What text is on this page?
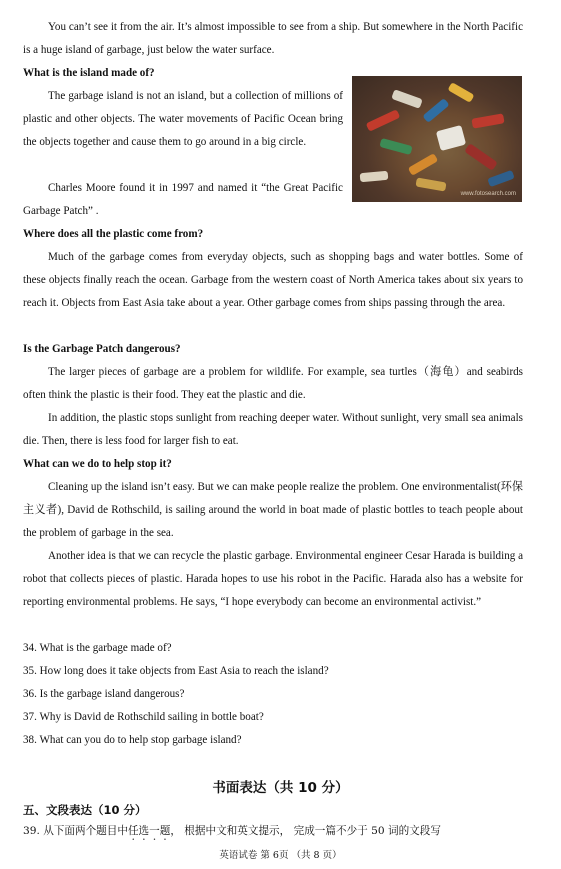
You can’t see it from the air. It’s almost impossible to see from a ship. But somewhere in the North Pacific is a huge island of garbage, just below the water surface.

What is the island made of?

The garbage island is not an island, but a collection of millions of plastic and other objects. The water movements of Pacific Ocean bring the objects together and cause them to go around in a big circle.

www.fotosearch.com

Charles Moore found it in 1997 and named it “the Great Pacific Garbage Patch” .

Where does all the plastic come from?

Much of the garbage comes from everyday objects, such as shopping bags and water bottles. Some of these objects finally reach the ocean. Garbage from the western coast of North America takes about six years to reach it. Objects from East Asia take about a year. Other garbage comes from ships passing through the area.

Is the Garbage Patch dangerous?

The larger pieces of garbage are a problem for wildlife. For example, sea turtles（海龟）and seabirds often think the plastic is their food. They eat the plastic and die.

In addition, the plastic stops sunlight from reaching deeper water. Without sunlight, very small sea animals die. Then, there is less food for larger fish to eat.

What can we do to help stop it?

Cleaning up the island isn’t easy. But we can make people realize the problem. One environmentalist(环保主义者), David de Rothschild, is sailing around the world in boat made of plastic bottles to teach people about the problem of garbage in the sea.

Another idea is that we can recycle the plastic garbage. Environmental engineer Cesar Harada is building a robot that collects pieces of plastic. Harada hopes to use his robot in the Pacific. Harada also has a website for reporting environmental problems. He says, “I hope everybody can become an environmental activist.”

34. What is the garbage made of?

35. How long does it take objects from East Asia to reach the island?

36. Is the garbage island dangerous?

37. Why is David de Rothschild sailing in bottle boat?

38. What can you do to help stop garbage island?

书面表达（共 10 分）
五、文段表达（10 分）
39. 从下面两个题目中任选一题， 根据中文和英文提示， 完成一篇不少于 50 词的文段写
英语试卷 第 6页 （共 8 页）
